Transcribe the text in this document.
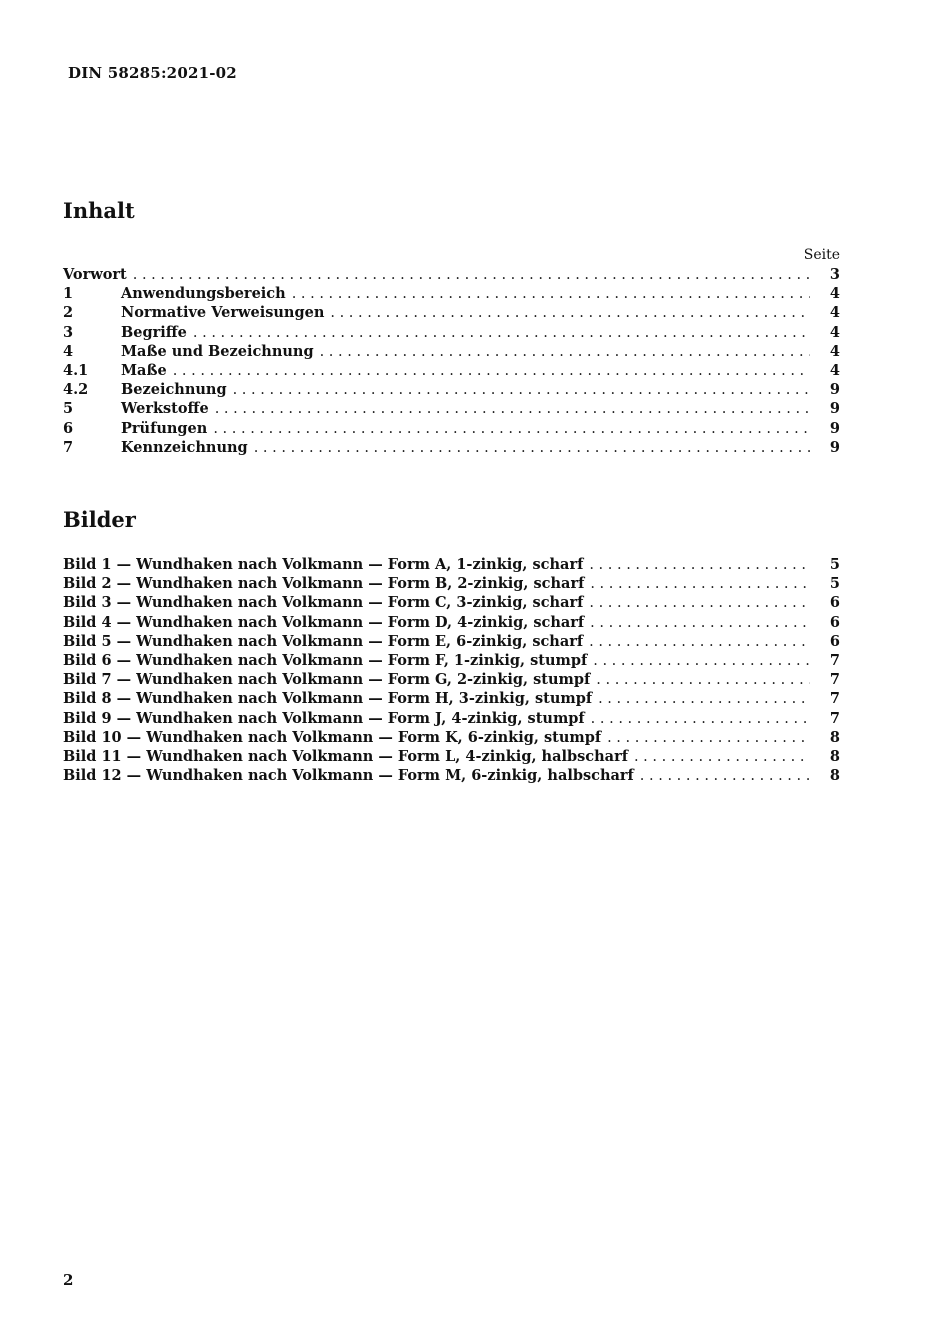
DIN 58285:2021-02
Inhalt
Seite
Vorwort . . .	3
1	Anwendungsbereich . . .	4
2	Normative Verweisungen . . .	4
3	Begriffe . . .	4
4	Maße und Bezeichnung . . .	4
4.1	Maße . . .	4
4.2	Bezeichnung . . .	9
5	Werkstoffe . . .	9
6	Prüfungen . . .	9
7	Kennzeichnung . . .	9
Bilder
Bild 1 — Wundhaken nach Volkmann — Form A, 1-zinkig, scharf . . .	5
Bild 2 — Wundhaken nach Volkmann — Form B, 2-zinkig, scharf . . .	5
Bild 3 — Wundhaken nach Volkmann — Form C, 3-zinkig, scharf . . .	6
Bild 4 — Wundhaken nach Volkmann — Form D, 4-zinkig, scharf . . .	6
Bild 5 — Wundhaken nach Volkmann — Form E, 6-zinkig, scharf . . .	6
Bild 6 — Wundhaken nach Volkmann — Form F, 1-zinkig, stumpf . . .	7
Bild 7 — Wundhaken nach Volkmann — Form G, 2-zinkig, stumpf . . .	7
Bild 8 — Wundhaken nach Volkmann — Form H, 3-zinkig, stumpf . . .	7
Bild 9 — Wundhaken nach Volkmann — Form J, 4-zinkig, stumpf . . .	7
Bild 10 — Wundhaken nach Volkmann — Form K, 6-zinkig, stumpf . . .	8
Bild 11 — Wundhaken nach Volkmann — Form L, 4-zinkig, halbscharf . . .	8
Bild 12 — Wundhaken nach Volkmann — Form M, 6-zinkig, halbscharf . . .	8
2
